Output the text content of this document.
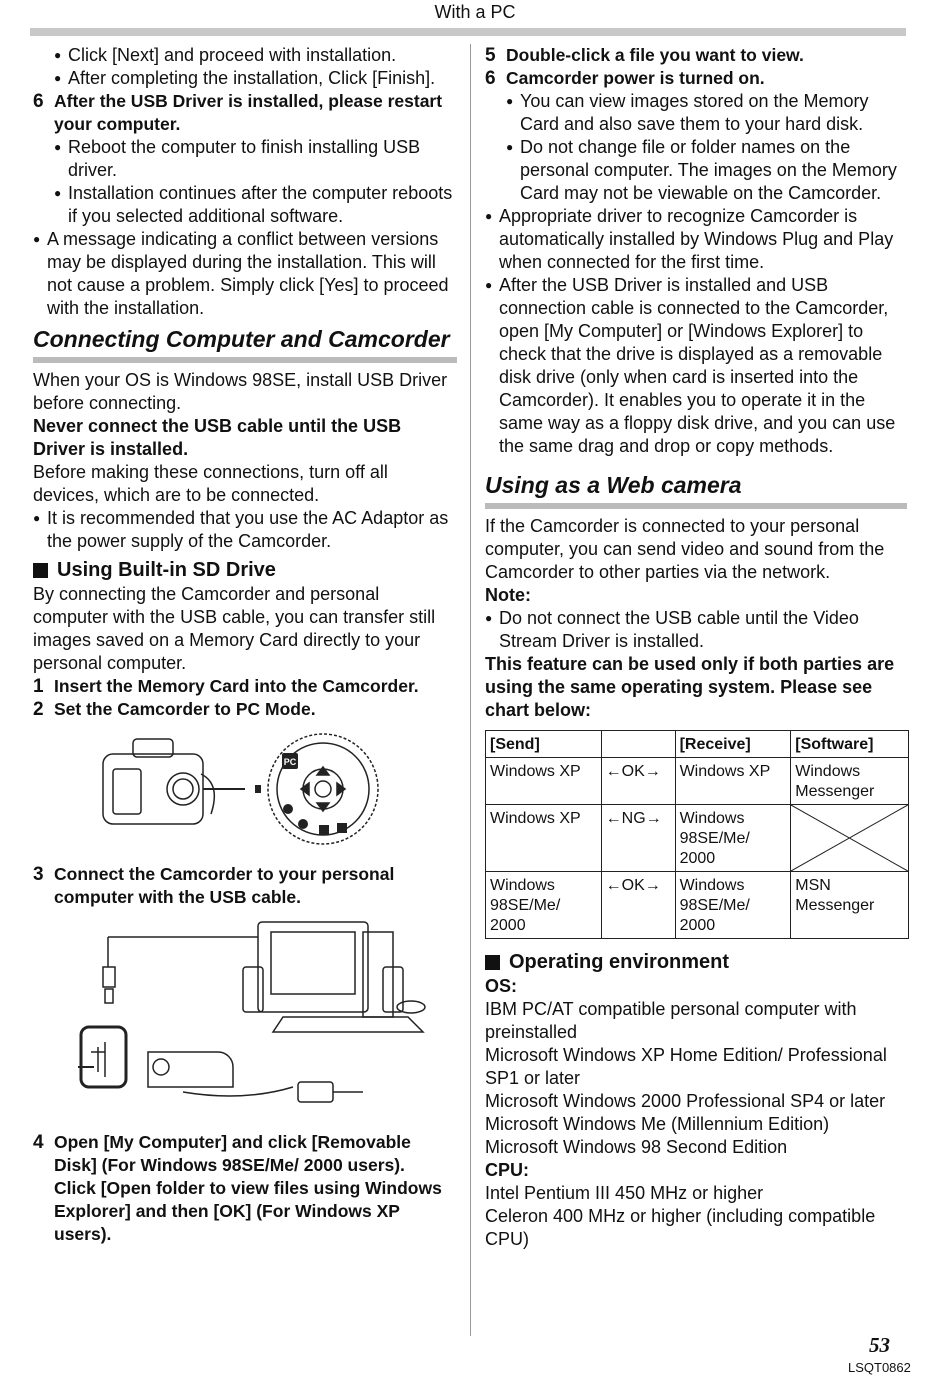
With a PC

● Click [Next] and proceed with installation.

● After completing the installation, Click [Finish].

6 After the USB Driver is installed, please restart your computer.

● Reboot the computer to finish installing USB driver.

● Installation continues after the computer reboots if you selected additional software.

● A message indicating a conflict between versions may be displayed during the installation. This will not cause a problem. Simply click [Yes] to proceed with the installation.

Connecting Computer and Camcorder

When your OS is Windows 98SE, install USB Driver before connecting.

Never connect the USB cable until the USB Driver is installed.

Before making these connections, turn off all devices, which are to be connected.

● It is recommended that you use the AC Adaptor as the power supply of the Camcorder.

Using Built-in SD Drive

By connecting the Camcorder and personal computer with the USB cable, you can transfer still images saved on a Memory Card directly to your personal computer.

1 Insert the Memory Card into the Camcorder.

2 Set the Camcorder to PC Mode.

PC

3 Connect the Camcorder to your personal computer with the USB cable.

4 Open [My Computer] and click [Removable Disk] (For Windows 98SE/Me/ 2000 users).
Click [Open folder to view files using Windows Explorer] and then [OK] (For Windows XP users).

5 Double-click a file you want to view.

6 Camcorder power is turned on.

● You can view images stored on the Memory Card and also save them to your hard disk.

● Do not change file or folder names on the personal computer. The images on the Memory Card may not be viewable on the Camcorder.

● Appropriate driver to recognize Camcorder is automatically installed by Windows Plug and Play when connected for the first time.

● After the USB Driver is installed and USB connection cable is connected to the Camcorder, open [My Computer] or [Windows Explorer] to check that the drive is displayed as a removable disk drive (only when card is inserted into the Camcorder). It enables you to operate it in the same way as a floppy disk drive, and you can use the same drag and drop or copy methods.

Using as a Web camera

If the Camcorder is connected to your personal computer, you can send video and sound from the Camcorder to other parties via the network.

Note:

● Do not connect the USB cable until the Video Stream Driver is installed.

This feature can be used only if both parties are using the same operating system. Please see chart below:

[Send]		[Receive]	[Software]
Windows XP	←OK→	Windows XP	Windows Messenger
Windows XP	←NG→	Windows 98SE/Me/ 2000	

Windows 98SE/Me/ 2000	←OK→	Windows 98SE/Me/ 2000	MSN Messenger
Operating environment

OS:

IBM PC/AT compatible personal computer with preinstalled

Microsoft Windows XP Home Edition/ Professional SP1 or later

Microsoft Windows 2000 Professional SP4 or later

Microsoft Windows Me (Millennium Edition)

Microsoft Windows 98 Second Edition

CPU:

Intel Pentium III 450 MHz or higher

Celeron 400 MHz or higher (including compatible CPU)

53
LSQT0862
